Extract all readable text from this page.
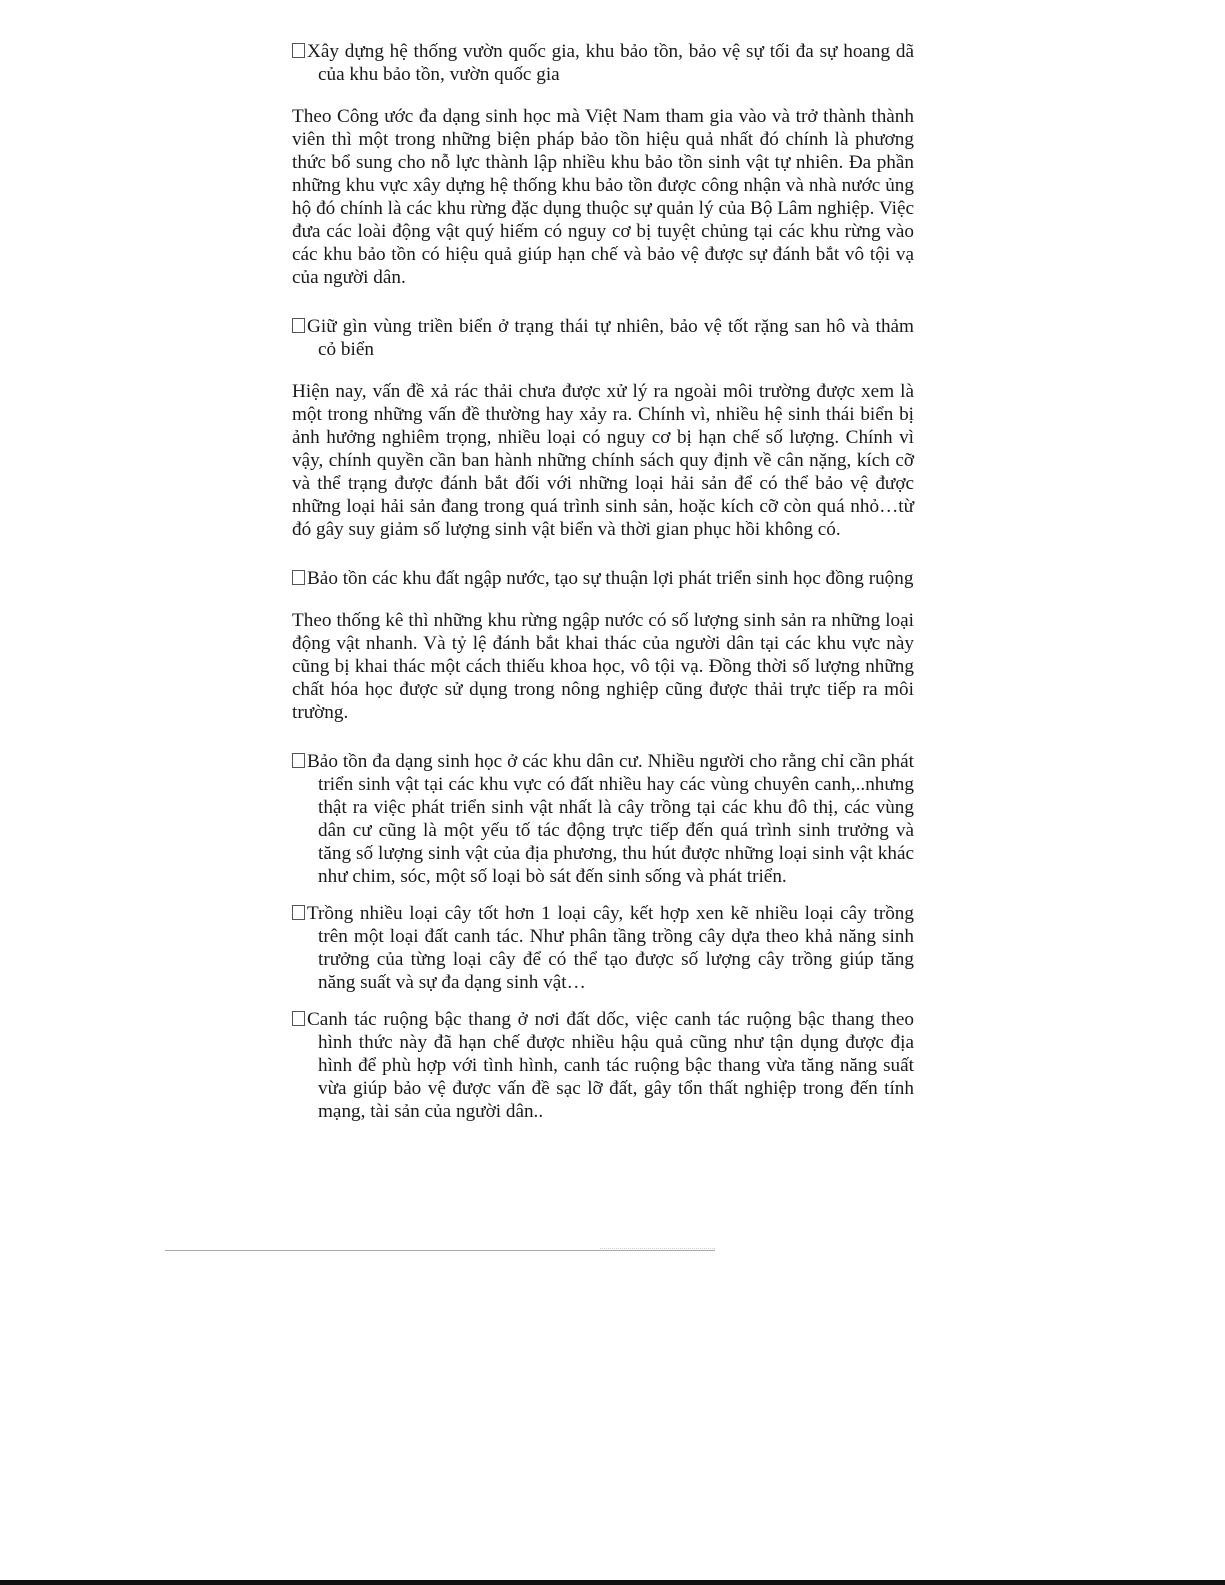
Xây dựng hệ thống vườn quốc gia, khu bảo tồn, bảo vệ sự tối đa sự hoang dã của khu bảo tồn, vườn quốc gia

Theo Công ước đa dạng sinh học mà Việt Nam tham gia vào và trở thành thành viên thì một trong những biện pháp bảo tồn hiệu quả nhất đó chính là phương thức bổ sung cho nỗ lực thành lập nhiều khu bảo tồn sinh vật tự nhiên. Đa phần những khu vực xây dựng hệ thống khu bảo tồn được công nhận và nhà nước ủng hộ đó chính là các khu rừng đặc dụng thuộc sự quản lý của Bộ Lâm nghiệp. Việc đưa các loài động vật quý hiếm có nguy cơ bị tuyệt chủng tại các khu rừng vào các khu bảo tồn có hiệu quả giúp hạn chế và bảo vệ được sự đánh bắt vô tội vạ của người dân.

Giữ gìn vùng triền biển ở trạng thái tự nhiên, bảo vệ tốt rặng san hô và thảm cỏ biển

Hiện nay, vấn đề xả rác thải chưa được xử lý ra ngoài môi trường được xem là một trong những vấn đề thường hay xảy ra. Chính vì, nhiều hệ sinh thái biển bị ảnh hưởng nghiêm trọng, nhiều loại có nguy cơ bị hạn chế số lượng. Chính vì vậy, chính quyền cần ban hành những chính sách quy định về cân nặng, kích cỡ và thể trạng được đánh bắt đối với những loại hải sản để có thể bảo vệ được những loại hải sản đang trong quá trình sinh sản, hoặc kích cỡ còn quá nhỏ…từ đó gây suy giảm số lượng sinh vật biển và thời gian phục hồi không có.

Bảo tồn các khu đất ngập nước, tạo sự thuận lợi phát triển sinh học đồng ruộng

Theo thống kê thì những khu rừng ngập nước có số lượng sinh sản ra những loại động vật nhanh. Và tỷ lệ đánh bắt khai thác của người dân tại các khu vực này cũng bị khai thác một cách thiếu khoa học, vô tội vạ. Đồng thời số lượng những chất hóa học được sử dụng trong nông nghiệp cũng được thải trực tiếp ra môi trường.

Bảo tồn đa dạng sinh học ở các khu dân cư. Nhiều người cho rằng chỉ cần phát triển sinh vật tại các khu vực có đất nhiều hay các vùng chuyên canh,..nhưng thật ra việc phát triển sinh vật nhất là cây trồng tại các khu đô thị, các vùng dân cư cũng là một yếu tố tác động trực tiếp đến quá trình sinh trưởng và tăng số lượng sinh vật của địa phương, thu hút được những loại sinh vật khác như chim, sóc, một số loại bò sát đến sinh sống và phát triển.

Trồng nhiều loại cây tốt hơn 1 loại cây, kết hợp xen kẽ nhiều loại cây trồng trên một loại đất canh tác. Như phân tầng trồng cây dựa theo khả năng sinh trưởng của từng loại cây để có thể tạo được số lượng cây trồng giúp tăng năng suất và sự đa dạng sinh vật…

Canh tác ruộng bậc thang ở nơi đất dốc, việc canh tác ruộng bậc thang theo hình thức này đã hạn chế được nhiều hậu quả cũng như tận dụng được địa hình để phù hợp với tình hình, canh tác ruộng bậc thang vừa tăng năng suất vừa giúp bảo vệ được vấn đề sạc lỡ đất, gây tổn thất nghiệp trong đến tính mạng, tài sản của người dân..
